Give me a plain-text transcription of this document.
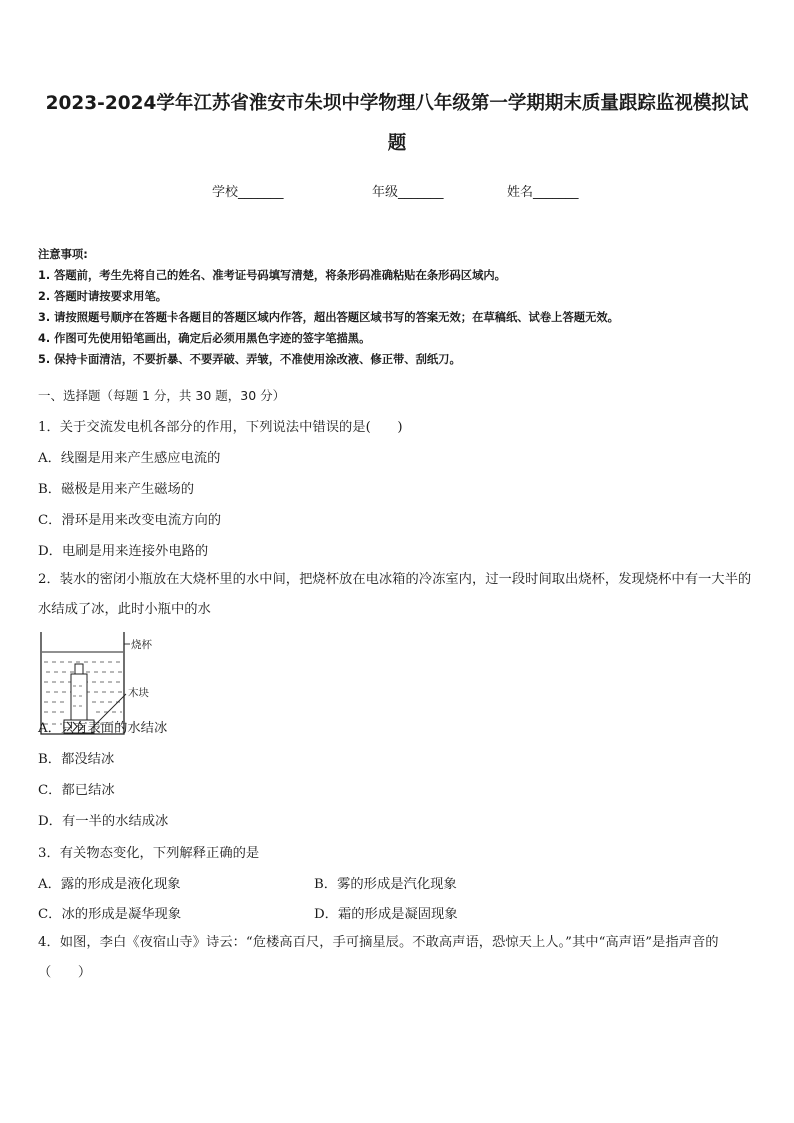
2023-2024学年江苏省淮安市朱坝中学物理八年级第一学期期末质量跟踪监视模拟试题
学校_______	年级_______	姓名_______
注意事项:
1. 答题前，考生先将自己的姓名、准考证号码填写清楚，将条形码准确粘贴在条形码区域内。
2. 答题时请按要求用笔。
3. 请按照题号顺序在答题卡各题目的答题区域内作答，超出答题区域书写的答案无效；在草稿纸、试卷上答题无效。
4. 作图可先使用铅笔画出，确定后必须用黑色字迹的签字笔描黑。
5. 保持卡面清洁，不要折暴、不要弄破、弄皱，不准使用涂改液、修正带、刮纸刀。
一、选择题（每题 1 分，共 30 题，30 分）
1．关于交流发电机各部分的作用，下列说法中错误的是(　　)
A．线圈是用来产生感应电流的
B．磁极是用来产生磁场的
C．滑环是用来改变电流方向的
D．电刷是用来连接外电路的
2．装水的密闭小瓶放在大烧杯里的水中间，把烧杯放在电冰箱的冷冻室内，过一段时间取出烧杯，发现烧杯中有一大半的水结成了冰，此时小瓶中的水
烧杯
木块
A．只有表面的水结冰
B．都没结冰
C．都已结冰
D．有一半的水结成冰
3．有关物态变化，下列解释正确的是
A．露的形成是液化现象	B．雾的形成是汽化现象
C．冰的形成是凝华现象	D．霜的形成是凝固现象
4．如图，李白《夜宿山寺》诗云：“危楼高百尺，手可摘星辰。不敢高声语，恐惊天上人。”其中“高声语”是指声音的（　　）
